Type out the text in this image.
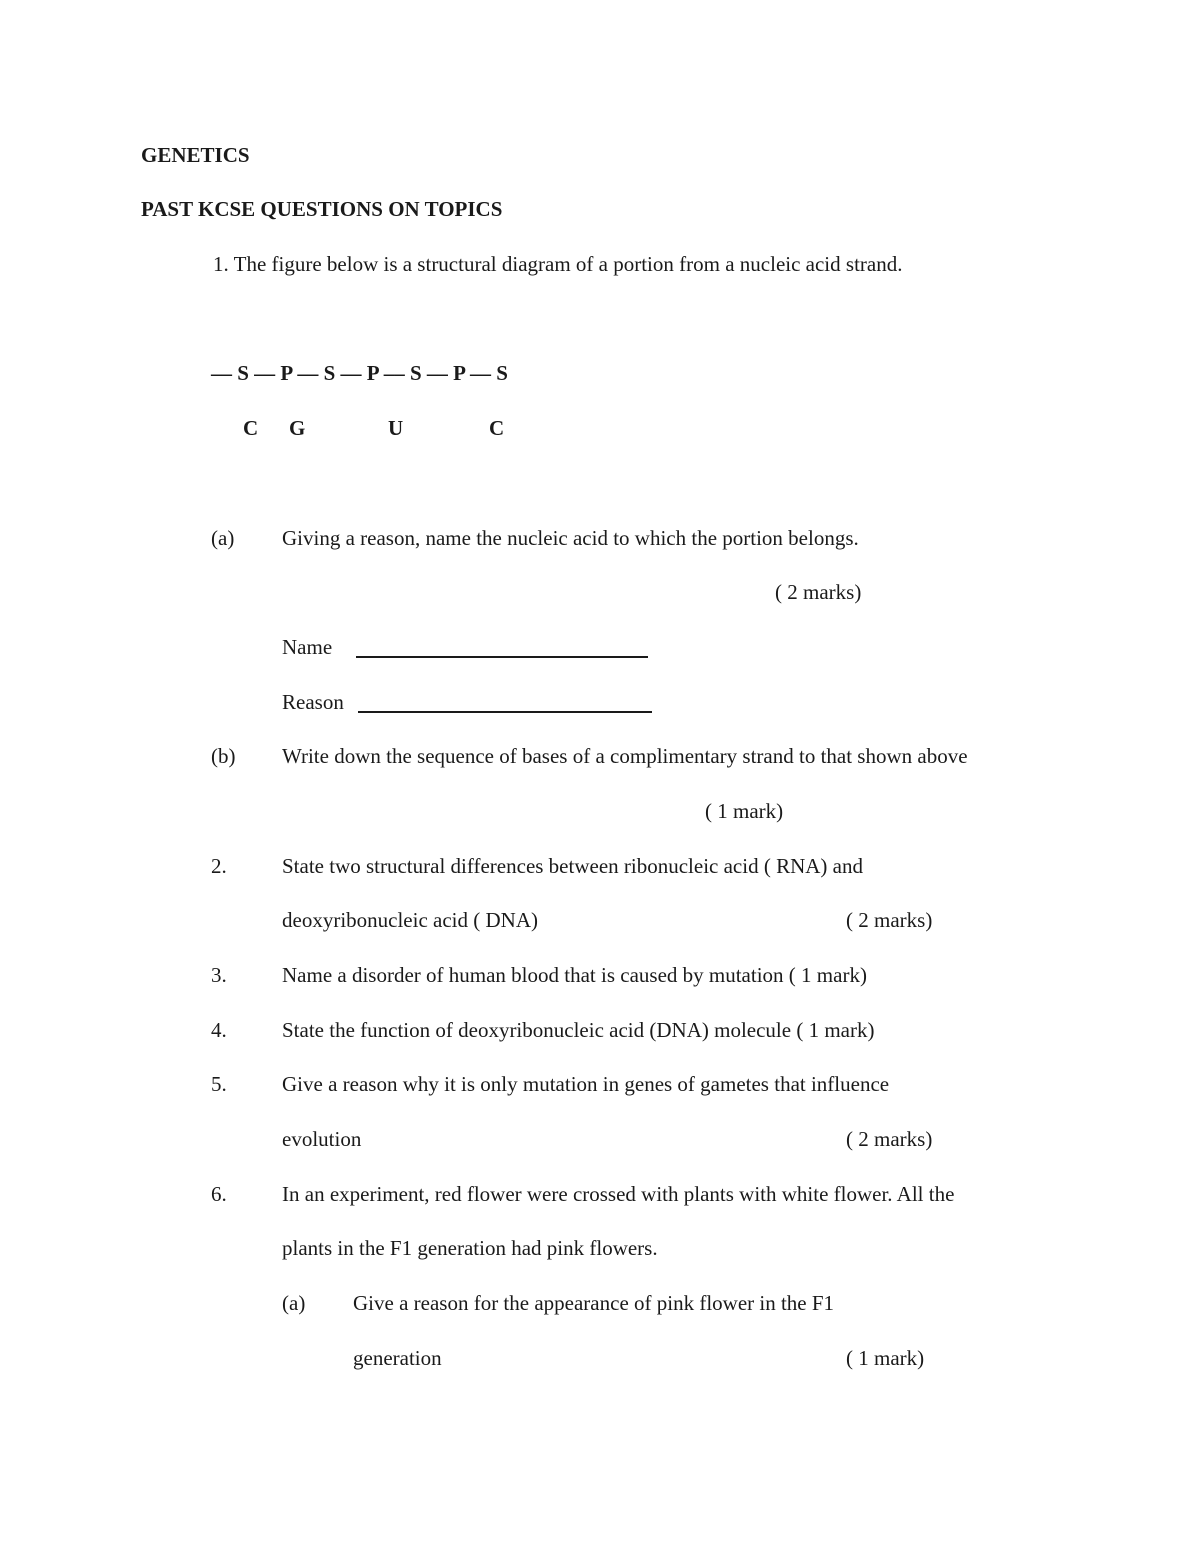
GENETICS
PAST KCSE QUESTIONS ON TOPICS
1. The figure below is a structural diagram of a portion from a nucleic acid strand.
–– S –– P –– S –– P –– S –– P –– S
C G	U	C
(a) Giving a reason, name the nucleic acid to which the portion belongs.
( 2 marks)
Name
Reason
(b) Write down the sequence of bases of a complimentary strand to that shown above
( 1 mark)
2.	State two structural differences between ribonucleic acid ( RNA) and
deoxyribonucleic acid ( DNA)	( 2 marks)
3.	Name a disorder of human blood that is caused by mutation ( 1 mark)
4.	State the function of deoxyribonucleic acid (DNA) molecule ( 1 mark)
5.	Give a reason why it is only mutation in genes of gametes that influence
evolution	( 2 marks)
6.	In an experiment, red flower were crossed with plants with white flower. All the
plants in the F1 generation had pink flowers.
(a) Give a reason for the appearance of pink flower in the F1
generation	( 1 mark)
